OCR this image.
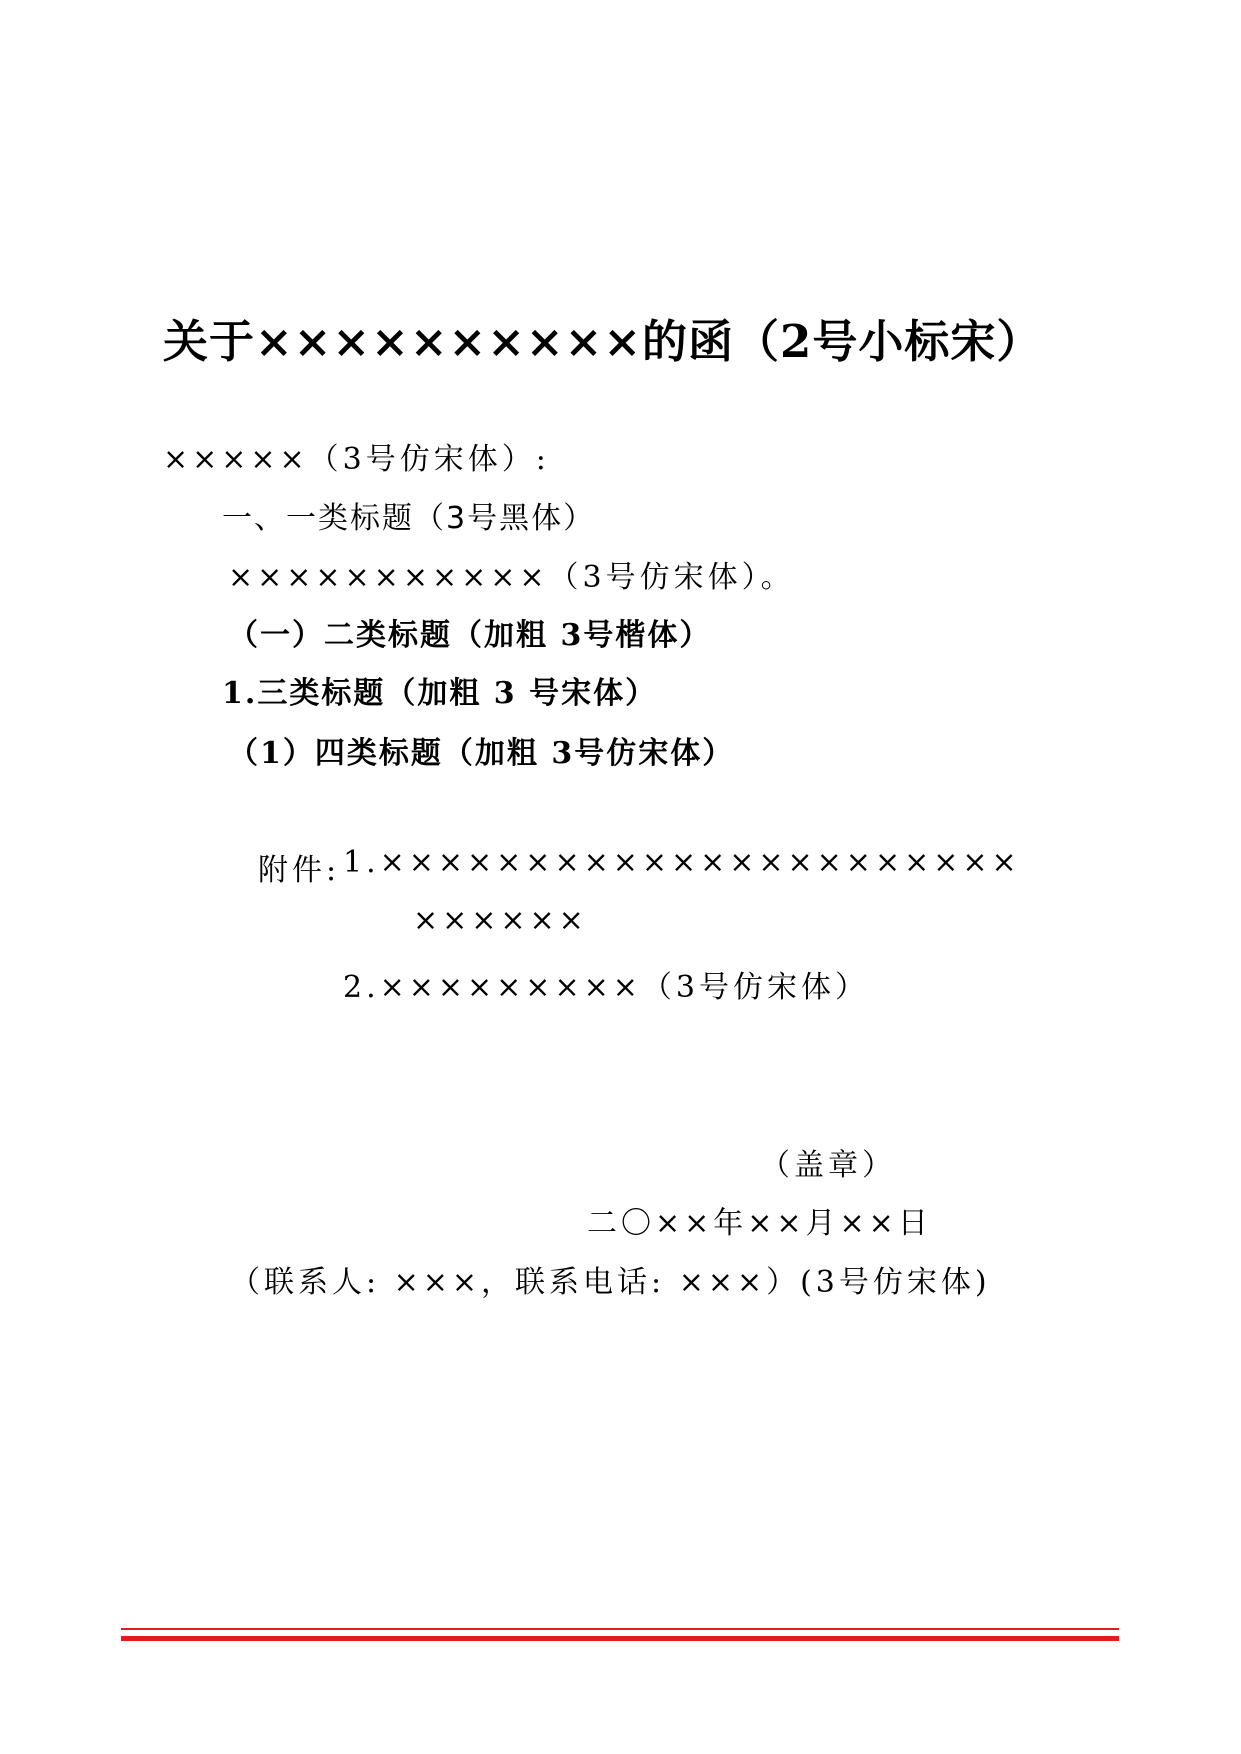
关于××××××××××的函（2号小标宋）

×××××（3号仿宋体）:

一、一类标题（3号黑体）

×××××××××××（3号仿宋体）。

（一）二类标题（加粗 3号楷体）

1.三类标题（加粗 3 号宋体）

（1）四类标题（加粗 3号仿宋体）

附件: 1.××××××××××××××××××××××
××××××
2.×××××××××（3号仿宋体）

（盖章）

二〇××年××月××日

（联系人: ×××，联系电话: ×××）(3号仿宋体)
